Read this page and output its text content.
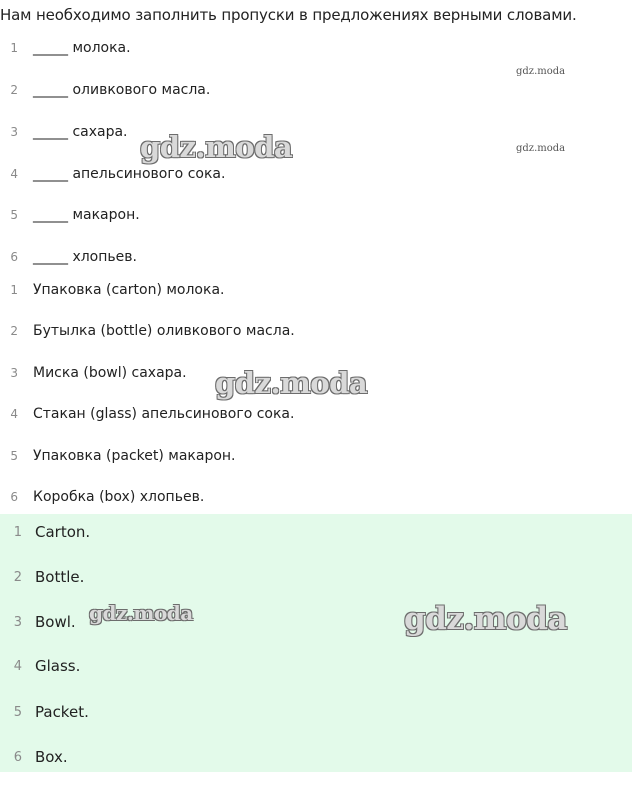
Нам необходимо заполнить пропуски в предложениях верными словами.

1 _____ молока.
2 _____ оливкового масла.
3 _____ сахара.
4 _____ апельсинового сока.
5 _____ макарон.
6 _____ хлопьев.
1 Упаковка (carton) молока.
2 Бутылка (bottle) оливкового масла.
3 Миска (bowl) сахара.
4 Стакан (glass) апельсинового сока.
5 Упаковка (packet) макарон.
6 Коробка (box) хлопьев.
1 Carton.
2 Bottle.
3 Bowl.
4 Glass.
5 Packet.
6 Box.
gdz.moda
gdz.moda
gdz.moda
gdz.moda
gdz.moda	gdz.moda
